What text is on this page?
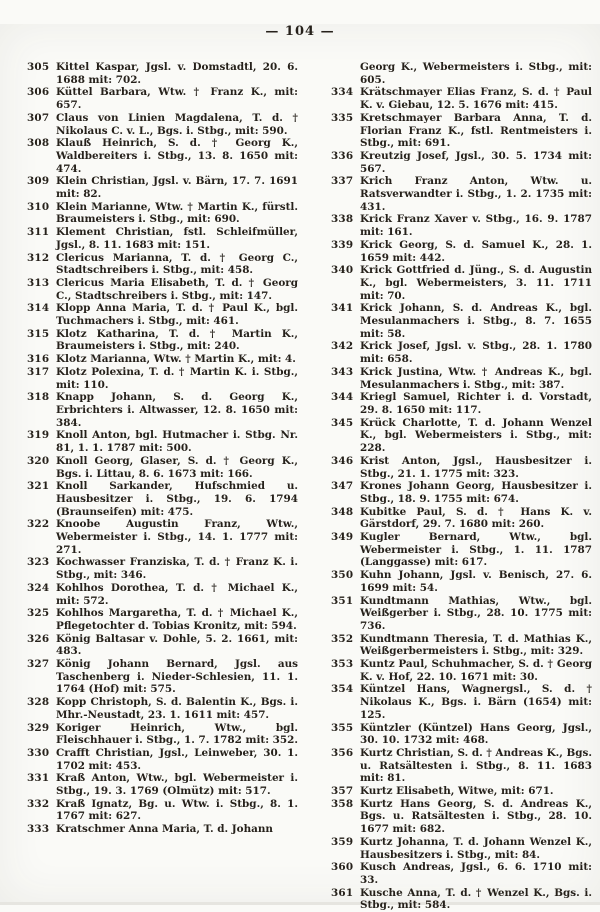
— 104 —
305 Kittel Kaspar, Jgsl. v. Domstadtl, 20. 6. 1688 mit: 702.
306 Küttel Barbara, Wtw. † Franz K., mit: 657.
307 Claus von Linien Magdalena, T. d. † Nikolaus C. v. L., Bgs. i. Stbg., mit: 590.
308 Klauß Heinrich, S. d. † Georg K., Waldbereiters i. Stbg., 13. 8. 1650 mit: 474.
309 Klein Christian, Jgsl. v. Bärn, 17. 7. 1691 mit: 82.
310 Klein Marianne, Wtw. † Martin K., fürstl. Braumeisters i. Stbg., mit: 690.
311 Klement Christian, fstl. Schleifmüller, Jgsl., 8. 11. 1683 mit: 151.
312 Clericus Marianna, T. d. † Georg C., Stadtschreibers i. Stbg., mit: 458.
313 Clericus Maria Elisabeth, T. d. † Georg C., Stadtschreibers i. Stbg., mit: 147.
314 Klopp Anna Maria, T. d. † Paul K., bgl. Tuchmachers i. Stbg., mit: 461.
315 Klotz Katharina, T. d. † Martin K., Braumeisters i. Stbg., mit: 240.
316 Klotz Marianna, Wtw. † Martin K., mit: 4.
317 Klotz Polexina, T. d. † Martin K. i. Stbg., mit: 110.
318 Knapp Johann, S. d. Georg K., Erbrichters i. Altwasser, 12. 8. 1650 mit: 384.
319 Knoll Anton, bgl. Hutmacher i. Stbg. Nr. 81, 1. 1. 1787 mit: 500.
320 Knoll Georg, Glaser, S. d. † Georg K., Bgs. i. Littau, 8. 6. 1673 mit: 166.
321 Knoll Sarkander, Hufschmied u. Hausbesitzer i. Stbg., 19. 6. 1794 (Braunseifen) mit: 475.
322 Knoobe Augustin Franz, Wtw., Webermeister i. Stbg., 14. 1. 1777 mit: 271.
323 Kochwasser Franziska, T. d. † Franz K. i. Stbg., mit: 346.
324 Kohlhos Dorothea, T. d. † Michael K., mit: 572.
325 Kohlhos Margaretha, T. d. † Michael K., Pflegetochter d. Tobias Kronitz, mit: 594.
326 König Baltasar v. Dohle, 5. 2. 1661, mit: 483.
327 König Johann Bernard, Jgsl. aus Taschenberg i. Nieder-Schlesien, 11. 1. 1764 (Hof) mit: 575.
328 Kopp Christoph, S. d. Balentin K., Bgs. i. Mhr.-Neustadt, 23. 1. 1611 mit: 457.
329 Koriger Heinrich, Wtw., bgl. Fleischhauer i. Stbg., 1. 7. 1782 mit: 352.
330 Crafft Christian, Jgsl., Leinweber, 30. 1. 1702 mit: 453.
331 Kraß Anton, Wtw., bgl. Webermeister i. Stbg., 19. 3. 1769 (Olmütz) mit: 517.
332 Kraß Ignatz, Bg. u. Wtw. i. Stbg., 8. 1. 1767 mit: 627.
333 Kratschmer Anna Maria, T. d. Johann
Georg K., Webermeisters i. Stbg., mit: 605.
334 Krätschmayer Elias Franz, S. d. † Paul K. v. Giebau, 12. 5. 1676 mit: 415.
335 Kretschmayer Barbara Anna, T. d. Florian Franz K., fstl. Rentmeisters i. Stbg., mit: 691.
336 Kreutzig Josef, Jgsl., 30. 5. 1734 mit: 567.
337 Krich Franz Anton, Wtw. u. Ratsverwandter i. Stbg., 1. 2. 1735 mit: 431.
338 Krick Franz Xaver v. Stbg., 16. 9. 1787 mit: 161.
339 Krick Georg, S. d. Samuel K., 28. 1. 1659 mit: 442.
340 Krick Gottfried d. Jüng., S. d. Augustin K., bgl. Webermeisters, 3. 11. 1711 mit: 70.
341 Krick Johann, S. d. Andreas K., bgl. Mesulanmachers i. Stbg., 8. 7. 1655 mit: 58.
342 Krick Josef, Jgsl. v. Stbg., 28. 1. 1780 mit: 658.
343 Krick Justina, Wtw. † Andreas K., bgl. Mesulanmachers i. Stbg., mit: 387.
344 Kriegl Samuel, Richter i. d. Vorstadt, 29. 8. 1650 mit: 117.
345 Krück Charlotte, T. d. Johann Wenzel K., bgl. Webermeisters i. Stbg., mit: 228.
346 Krist Anton, Jgsl., Hausbesitzer i. Stbg., 21. 1. 1775 mit: 323.
347 Krones Johann Georg, Hausbesitzer i. Stbg., 18. 9. 1755 mit: 674.
348 Kubitke Paul, S. d. † Hans K. v. Gärstdorf, 29. 7. 1680 mit: 260.
349 Kugler Bernard, Wtw., bgl. Webermeister i. Stbg., 1. 11. 1787 (Langgasse) mit: 617.
350 Kuhn Johann, Jgsl. v. Benisch, 27. 6. 1699 mit: 54.
351 Kundtmann Mathias, Wtw., bgl. Weißgerber i. Stbg., 28. 10. 1775 mit: 736.
352 Kundtmann Theresia, T. d. Mathias K., Weißgerbermeisters i. Stbg., mit: 329.
353 Kuntz Paul, Schuhmacher, S. d. † Georg K. v. Hof, 22. 10. 1671 mit: 30.
354 Küntzel Hans, Wagnergsl., S. d. † Nikolaus K., Bgs. i. Bärn (1654) mit: 125.
355 Küntzler (Küntzel) Hans Georg, Jgsl., 30. 10. 1732 mit: 468.
356 Kurtz Christian, S. d. † Andreas K., Bgs. u. Ratsältesten i. Stbg., 8. 11. 1683 mit: 81.
357 Kurtz Elisabeth, Witwe, mit: 671.
358 Kurtz Hans Georg, S. d. Andreas K., Bgs. u. Ratsältesten i. Stbg., 28. 10. 1677 mit: 682.
359 Kurtz Johanna, T. d. Johann Wenzel K., Hausbesitzers i. Stbg., mit: 84.
360 Kusch Andreas, Jgsl., 6. 6. 1710 mit: 33.
361 Kusche Anna, T. d. † Wenzel K., Bgs. i. Stbg., mit: 584.
